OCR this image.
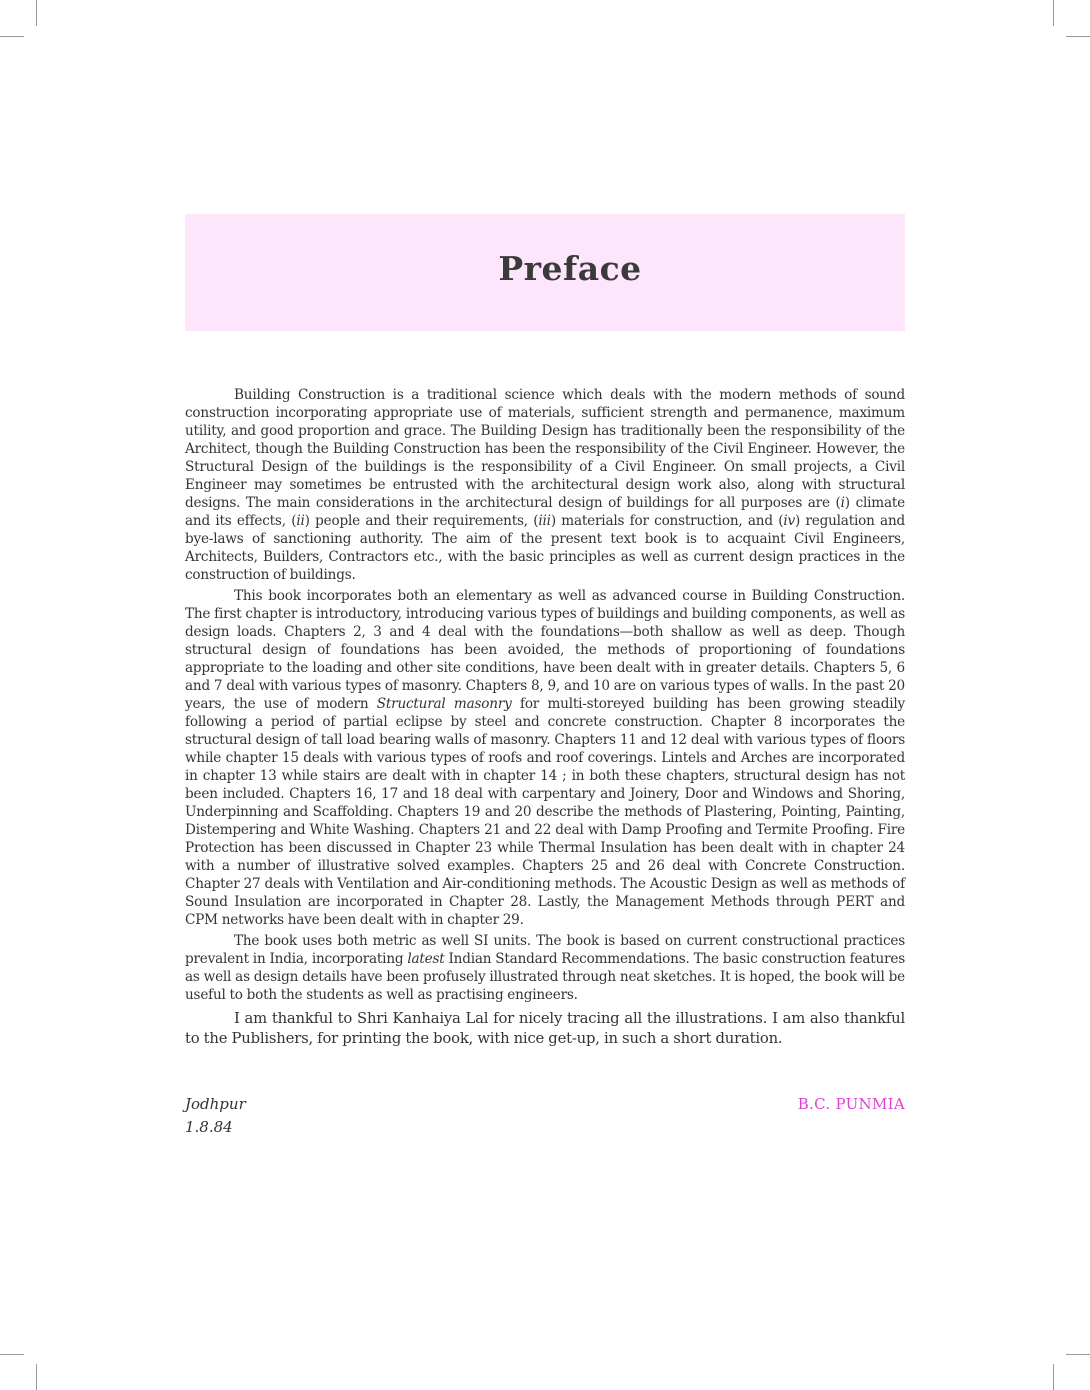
Preface

Building Construction is a traditional science which deals with the modern methods of sound construction incorporating appropriate use of materials, sufficient strength and permanence, maximum utility, and good proportion and grace. The Building Design has traditionally been the responsibility of the Architect, though the Building Construction has been the responsibility of the Civil Engineer. However, the Structural Design of the buildings is the responsibility of a Civil Engineer. On small projects, a Civil Engineer may sometimes be entrusted with the architectural design work also, along with structural designs. The main considerations in the architectural design of buildings for all purposes are (i) climate and its effects, (ii) people and their requirements, (iii) materials for construction, and (iv) regulation and bye-laws of sanctioning authority. The aim of the present text book is to acquaint Civil Engineers, Architects, Builders, Contractors etc., with the basic principles as well as current design practices in the construction of buildings.

This book incorporates both an elementary as well as advanced course in Building Construction. The first chapter is introductory, introducing various types of buildings and building components, as well as design loads. Chapters 2, 3 and 4 deal with the foundations—both shallow as well as deep. Though structural design of foundations has been avoided, the methods of proportioning of foundations appropriate to the loading and other site conditions, have been dealt with in greater details. Chapters 5, 6 and 7 deal with various types of masonry. Chapters 8, 9, and 10 are on various types of walls. In the past 20 years, the use of modern Structural masonry for multi-storeyed building has been growing steadily following a period of partial eclipse by steel and concrete construction. Chapter 8 incorporates the structural design of tall load bearing walls of masonry. Chapters 11 and 12 deal with various types of floors while chapter 15 deals with various types of roofs and roof coverings. Lintels and Arches are incorporated in chapter 13 while stairs are dealt with in chapter 14 ; in both these chapters, structural design has not been included. Chapters 16, 17 and 18 deal with carpentary and Joinery, Door and Windows and Shoring, Underpinning and Scaffolding. Chapters 19 and 20 describe the methods of Plastering, Pointing, Painting, Distempering and White Washing. Chapters 21 and 22 deal with Damp Proofing and Termite Proofing. Fire Protection has been discussed in Chapter 23 while Thermal Insulation has been dealt with in chapter 24 with a number of illustrative solved examples. Chapters 25 and 26 deal with Concrete Construction. Chapter 27 deals with Ventilation and Air-conditioning methods. The Acoustic Design as well as methods of Sound Insulation are incorporated in Chapter 28. Lastly, the Management Methods through PERT and CPM networks have been dealt with in chapter 29.

The book uses both metric as well SI units. The book is based on current constructional practices prevalent in India, incorporating latest Indian Standard Recommendations. The basic construction features as well as design details have been profusely illustrated through neat sketches. It is hoped, the book will be useful to both the students as well as practising engineers.

I am thankful to Shri Kanhaiya Lal for nicely tracing all the illustrations. I am also thankful to the Publishers, for printing the book, with nice get-up, in such a short duration.

Jodhpur
1.8.84
B.C. PUNMIA
